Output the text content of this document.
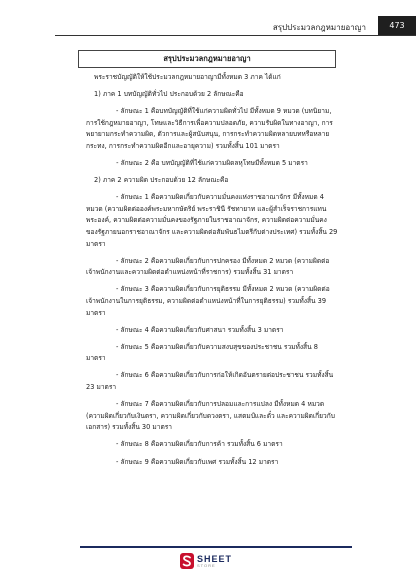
สรุปประมวลกฎหมายอาญา	473
สรุปประมวลกฎหมายอาญา

พระราชบัญญัติให้ใช้ประมวลกฎหมายอาญามีทั้งหมด 3 ภาค ได้แก่

1) ภาค 1 บทบัญญัติทั่วไป ประกอบด้วย 2 ลักษณะคือ

- ลักษณะ 1 คือบทบัญญัติที่ใช้แก่ความผิดทั่วไป มีทั้งหมด 9 หมวด (บทนิยาม, การใช้กฎหมายอาญา, โทษและวิธีการเพื่อความปลอดภัย, ความรับผิดในทางอาญา, การพยายามกระทำความผิด, ตัวการและผู้สนับสนุน, การกระทำความผิดหลายบทหรือหลายกระทง, การกระทำความผิดอีกและอายุความ) รวมทั้งสิ้น 101 มาตรา

- ลักษณะ 2 คือ บทบัญญัติที่ใช้แก่ความผิดลหุโทษมีทั้งหมด 5 มาตรา

2) ภาค 2 ความผิด ประกอบด้วย 12 ลักษณะคือ

- ลักษณะ 1 คือความผิดเกี่ยวกับความมั่นคงแห่งราชอาณาจักร มีทั้งหมด 4 หมวด (ความผิดต่อองค์พระมหากษัตริย์ พระราชินี รัชทายาท และผู้สำเร็จราชการแทนพระองค์, ความผิดต่อความมั่นคงของรัฐภายในราชอาณาจักร, ความผิดต่อความมั่นคงของรัฐภายนอกราชอาณาจักร และความผิดต่อสัมพันธไมตรีกับต่างประเทศ) รวมทั้งสิ้น 29 มาตรา

- ลักษณะ 2 คือความผิดเกี่ยวกับการปกครอง มีทั้งหมด 2 หมวด (ความผิดต่อเจ้าพนักงานและความผิดต่อตำแหน่งหน้าที่ราชการ) รวมทั้งสิ้น 31 มาตรา

- ลักษณะ 3 คือความผิดเกี่ยวกับการยุติธรรม มีทั้งหมด 2 หมวด (ความผิดต่อเจ้าพนักงานในการยุติธรรม, ความผิดต่อตำแหน่งหน้าที่ในการยุติธรรม) รวมทั้งสิ้น 39 มาตรา

- ลักษณะ 4 คือความผิดเกี่ยวกับศาสนา รวมทั้งสิ้น 3 มาตรา

- ลักษณะ 5 คือความผิดเกี่ยวกับความสงบสุขของประชาชน รวมทั้งสิ้น 8 มาตรา

- ลักษณะ 6 คือความผิดเกี่ยวกับการก่อให้เกิดอันตรายต่อประชาชน รวมทั้งสิ้น 23 มาตรา

- ลักษณะ 7 คือความผิดเกี่ยวกับการปลอมและการแปลง มีทั้งหมด 4 หมวด (ความผิดเกี่ยวกับเงินตรา, ความผิดเกี่ยวกับดวงตรา, แสตมป์และตั๋ว และความผิดเกี่ยวกับเอกสาร) รวมทั้งสิ้น 30 มาตรา

- ลักษณะ 8 คือความผิดเกี่ยวกับการค้า รวมทั้งสิ้น 6 มาตรา

- ลักษณะ 9 คือความผิดเกี่ยวกับเพศ รวมทั้งสิ้น 12 มาตรา

SHEET
STORE
